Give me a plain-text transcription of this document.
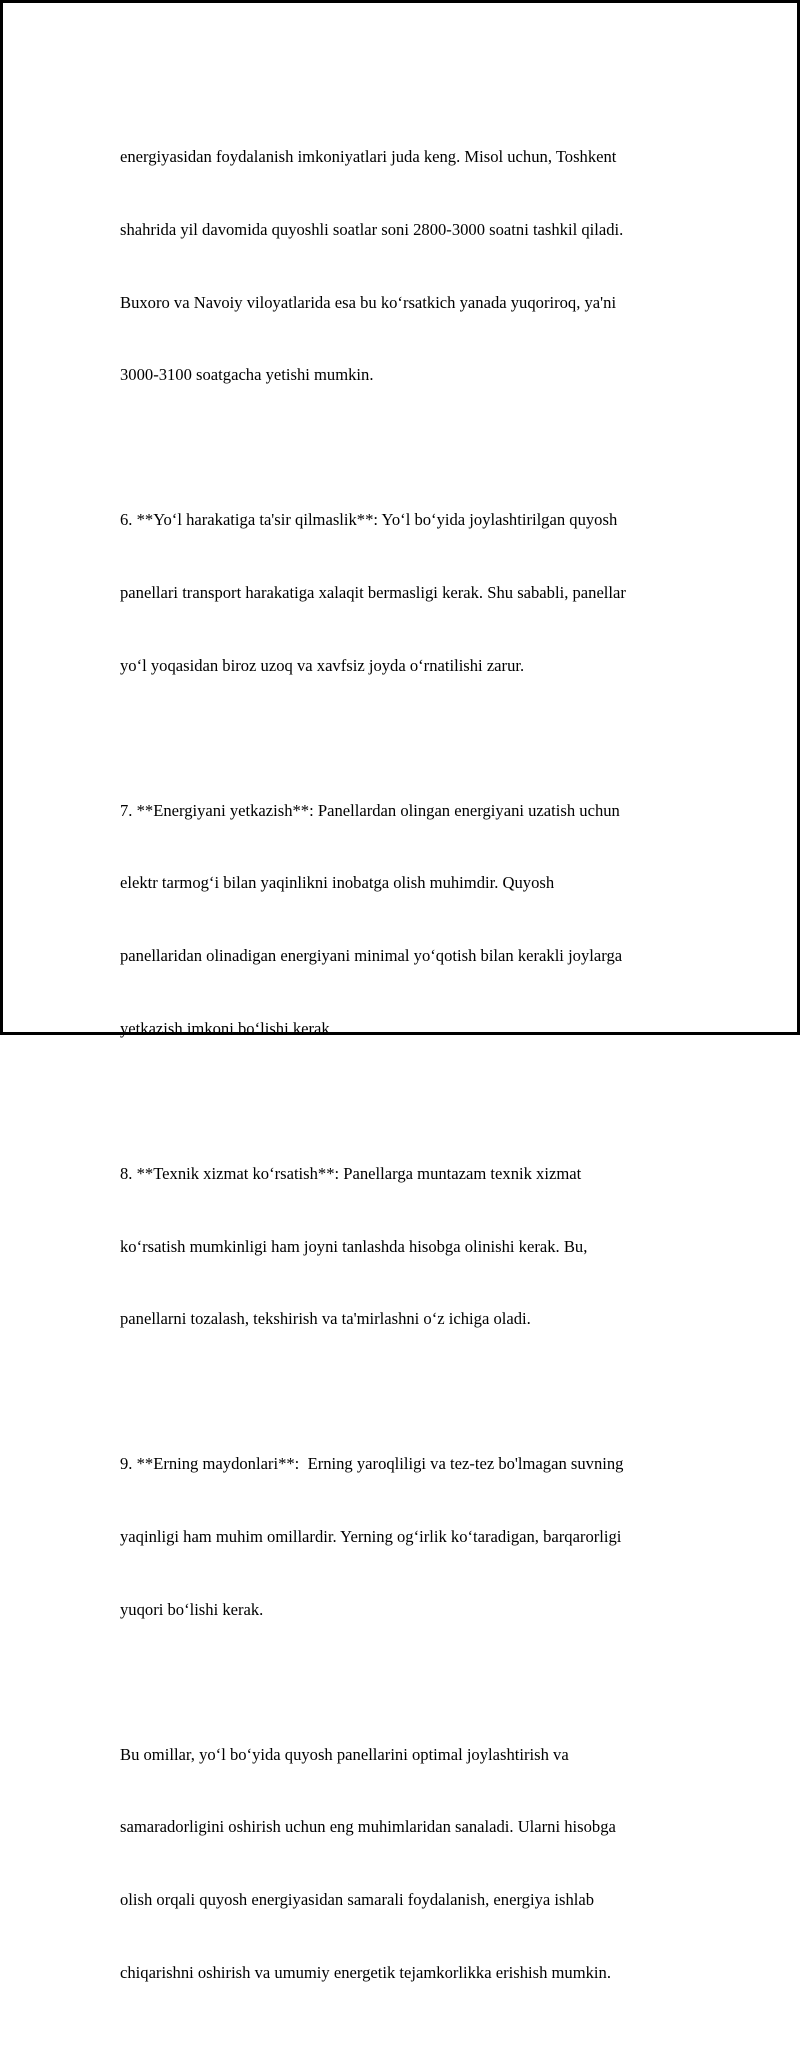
energiyasidan foydalanish imkoniyatlari juda keng. Misol uchun, Toshkent

shahrida yil davomida quyoshli soatlar soni 2800-3000 soatni tashkil qiladi.

Buxoro va Navoiy viloyatlarida esa bu ko‘rsatkich yanada yuqoriroq, ya'ni

3000-3100 soatgacha yetishi mumkin.

6. **Yo‘l harakatiga ta'sir qilmaslik**: Yo‘l bo‘yida joylashtirilgan quyosh

panellari transport harakatiga xalaqit bermasligi kerak. Shu sababli, panellar

yo‘l yoqasidan biroz uzoq va xavfsiz joyda o‘rnatilishi zarur.

7. **Energiyani yetkazish**: Panellardan olingan energiyani uzatish uchun

elektr tarmog‘i bilan yaqinlikni inobatga olish muhimdir. Quyosh

panellaridan olinadigan energiyani minimal yo‘qotish bilan kerakli joylarga

yetkazish imkoni bo‘lishi kerak.

8. **Texnik xizmat ko‘rsatish**: Panellarga muntazam texnik xizmat

ko‘rsatish mumkinligi ham joyni tanlashda hisobga olinishi kerak. Bu,

panellarni tozalash, tekshirish va ta'mirlashni o‘z ichiga oladi.

9. **Erning maydonlari**:  Erning yaroqliligi va tez-tez bo'lmagan suvning

yaqinligi ham muhim omillardir. Yerning og‘irlik ko‘taradigan, barqarorligi

yuqori bo‘lishi kerak.

Bu omillar, yo‘l bo‘yida quyosh panellarini optimal joylashtirish va

samaradorligini oshirish uchun eng muhimlaridan sanaladi. Ularni hisobga

olish orqali quyosh energiyasidan samarali foydalanish, energiya ishlab

chiqarishni oshirish va umumiy energetik tejamkorlikka erishish mumkin.
